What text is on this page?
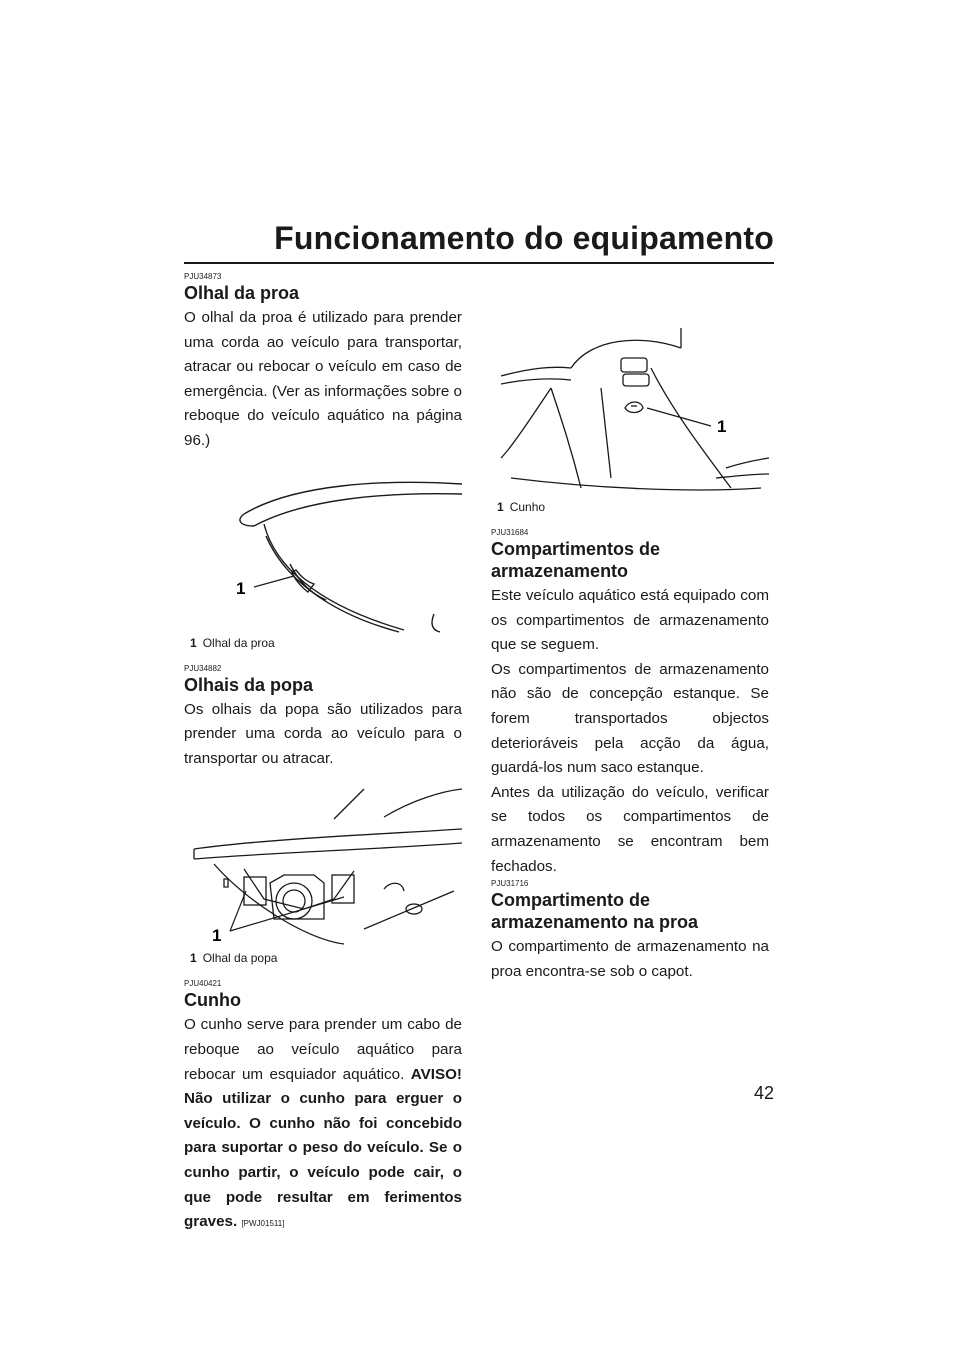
Funcionamento do equipamento

PJU34873

Olhal da proa

O olhal da proa é utilizado para prender uma corda ao veículo para transportar, atracar ou rebocar o veículo em caso de emergência. (Ver as informações sobre o reboque do veículo aquático na página 96.)

1

1 Olhal da proa

PJU34882

Olhais da popa

Os olhais da popa são utilizados para prender uma corda ao veículo para o transportar ou atracar.

1

1 Olhal da popa

PJU40421

Cunho

O cunho serve para prender um cabo de reboque ao veículo aquático para rebocar um esquiador aquático. AVISO! Não utilizar o cunho para erguer o veículo. O cunho não foi concebido para suportar o peso do veículo. Se o cunho partir, o veículo pode cair, o que pode resultar em ferimentos graves. [PWJ01511]

1

1 Cunho

PJU31684

Compartimentos de armazenamento

Este veículo aquático está equipado com os compartimentos de armazenamento que se seguem.

Os compartimentos de armazenamento não são de concepção estanque. Se forem transportados objectos deterioráveis pela acção da água, guardá-los num saco estanque.

Antes da utilização do veículo, verificar se todos os compartimentos de armazenamento se encontram bem fechados.

PJU31716

Compartimento de armazenamento na proa

O compartimento de armazenamento na proa encontra-se sob o capot.

42
